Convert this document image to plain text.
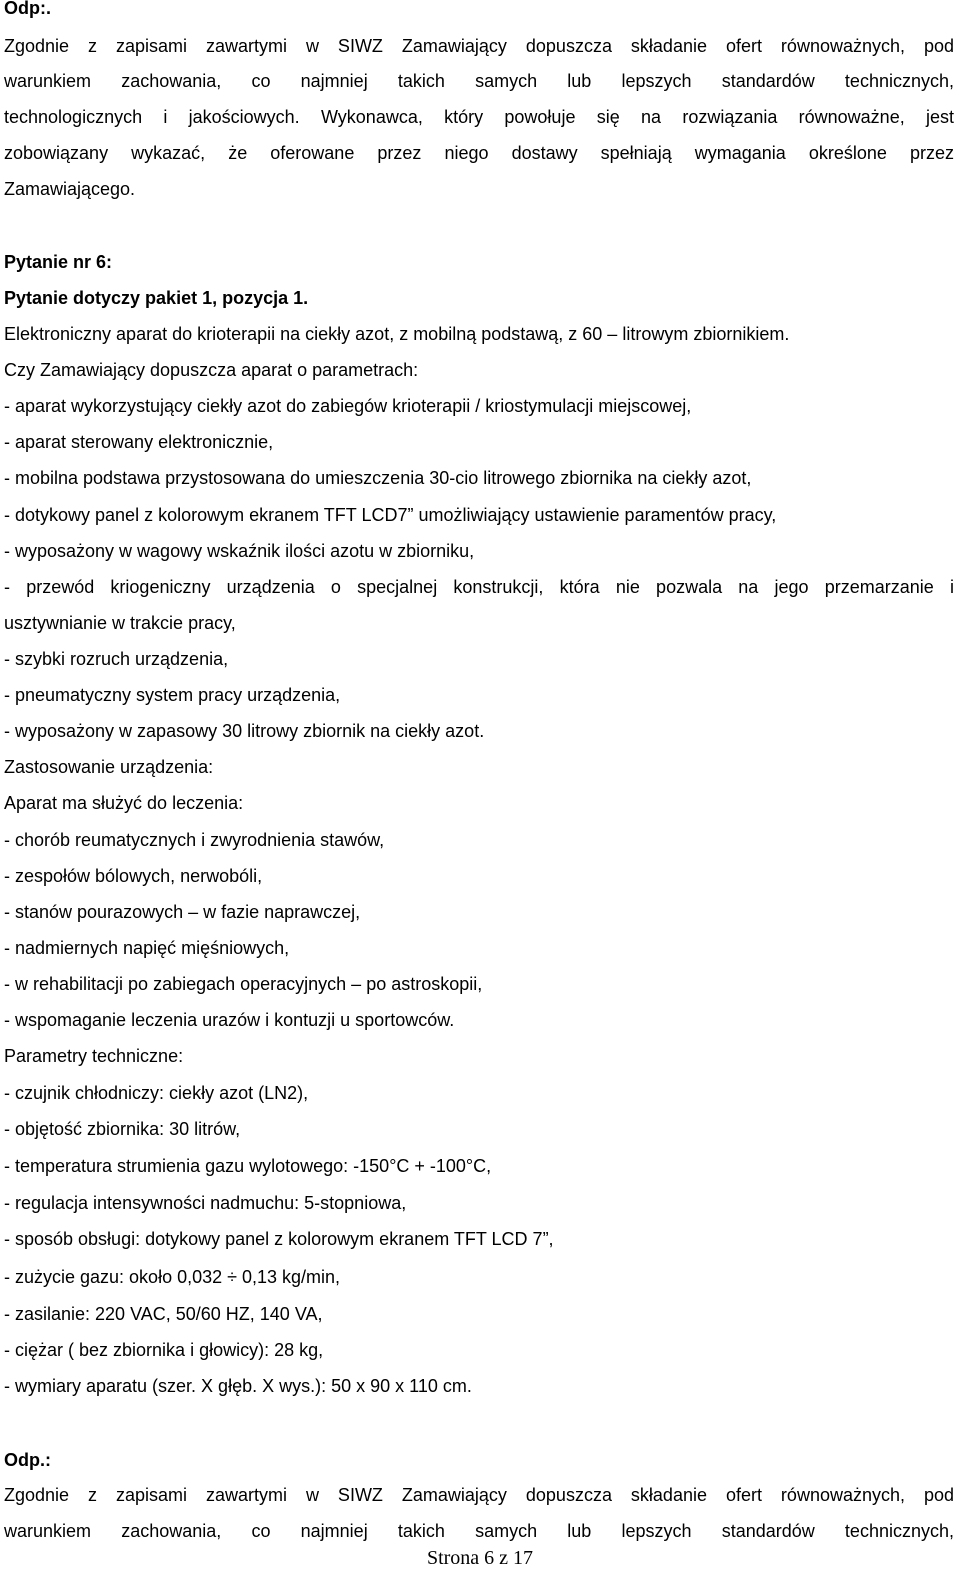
Odp:.
Zgodnie z zapisami zawartymi w SIWZ Zamawiający dopuszcza składanie ofert równoważnych, pod
warunkiem zachowania, co najmniej takich samych lub lepszych standardów technicznych,
technologicznych i jakościowych. Wykonawca, który powołuje się na rozwiązania równoważne, jest
zobowiązany wykazać, że oferowane przez niego dostawy spełniają wymagania określone przez
Zamawiającego.
Pytanie nr 6:
Pytanie dotyczy pakiet 1, pozycja 1.
Elektroniczny aparat do krioterapii na ciekły azot, z mobilną podstawą, z 60 – litrowym zbiornikiem.
Czy Zamawiający dopuszcza aparat o parametrach:
- aparat wykorzystujący ciekły azot do zabiegów krioterapii / kriostymulacji miejscowej,
- aparat sterowany elektronicznie,
- mobilna podstawa przystosowana do umieszczenia 30-cio litrowego zbiornika na ciekły azot,
- dotykowy panel z kolorowym ekranem TFT LCD7” umożliwiający ustawienie paramentów pracy,
- wyposażony w wagowy wskaźnik ilości azotu w zbiorniku,
- przewód kriogeniczny urządzenia o specjalnej konstrukcji, która nie pozwala na jego przemarzanie i
usztywnianie w trakcie pracy,
- szybki rozruch urządzenia,
- pneumatyczny system pracy urządzenia,
- wyposażony w zapasowy 30 litrowy zbiornik na ciekły azot.
Zastosowanie urządzenia:
Aparat ma służyć do leczenia:
- chorób reumatycznych i zwyrodnienia stawów,
- zespołów bólowych, nerwobóli,
- stanów pourazowych – w fazie naprawczej,
- nadmiernych napięć mięśniowych,
- w rehabilitacji po zabiegach operacyjnych – po astroskopii,
- wspomaganie leczenia urazów i kontuzji u sportowców.
Parametry techniczne:
- czujnik chłodniczy: ciekły azot (LN2),
- objętość zbiornika: 30 litrów,
- temperatura strumienia gazu wylotowego: -150°C + -100°C,
- regulacja intensywności nadmuchu: 5-stopniowa,
- sposób obsługi: dotykowy panel z kolorowym ekranem TFT LCD 7”,
- zużycie gazu: około 0,032 ÷ 0,13 kg/min,
- zasilanie: 220 VAC, 50/60 HZ, 140 VA,
- ciężar ( bez zbiornika i głowicy): 28 kg,
- wymiary aparatu (szer. X głęb. X wys.): 50 x 90 x 110 cm.
Odp.:
Zgodnie z zapisami zawartymi w SIWZ Zamawiający dopuszcza składanie ofert równoważnych, pod
warunkiem zachowania, co najmniej takich samych lub lepszych standardów technicznych,
Strona 6 z 17
